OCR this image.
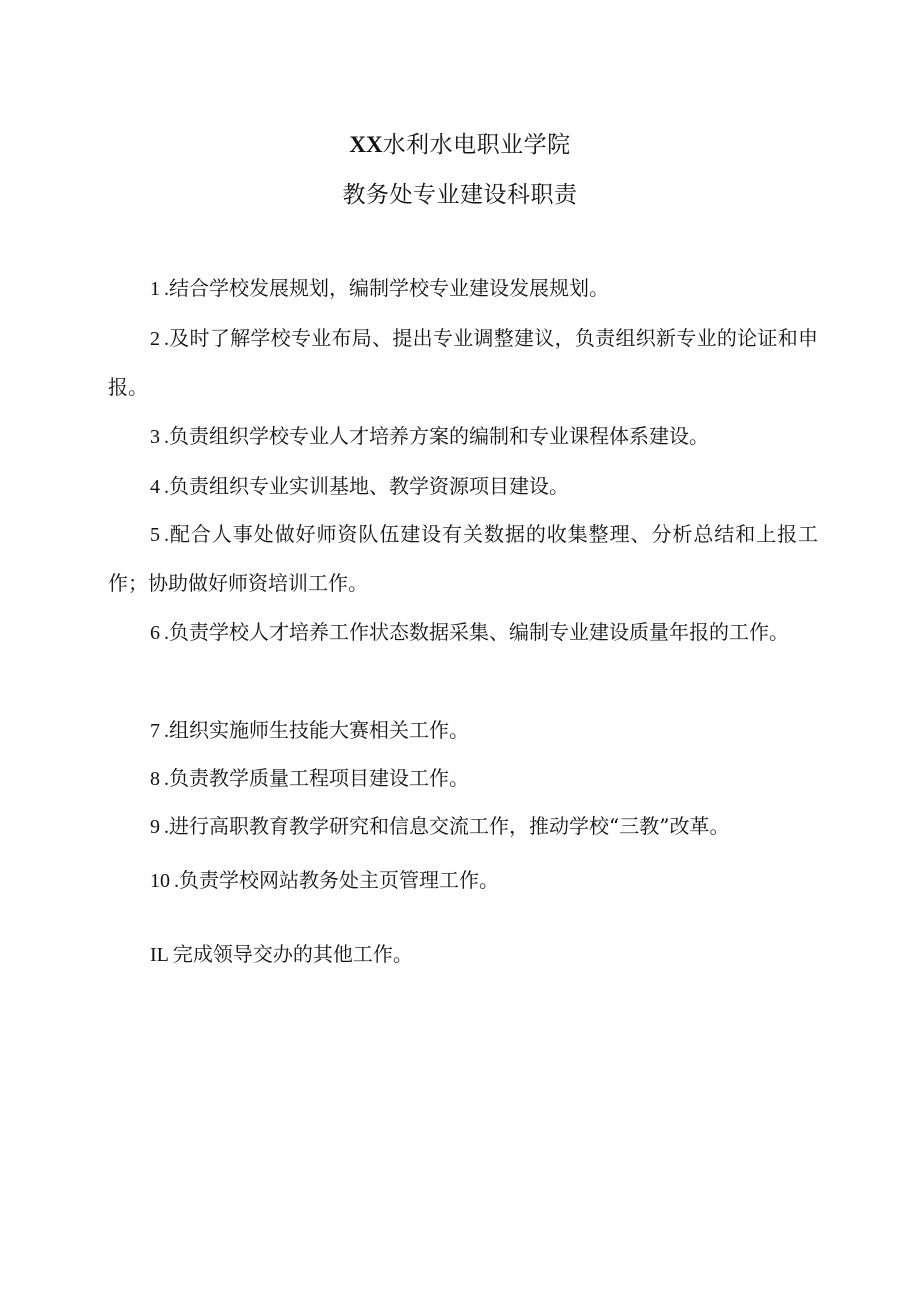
XX水利水电职业学院
教务处专业建设科职责
1 .结合学校发展规划，编制学校专业建设发展规划。
2 .及时了解学校专业布局、提出专业调整建议，负责组织新专业的论证和申报。
3 .负责组织学校专业人才培养方案的编制和专业课程体系建设。
4 .负责组织专业实训基地、教学资源项目建设。
5 .配合人事处做好师资队伍建设有关数据的收集整理、分析总结和上报工作；协助做好师资培训工作。
6 .负责学校人才培养工作状态数据采集、编制专业建设质量年报的工作。
7 .组织实施师生技能大赛相关工作。
8 .负责教学质量工程项目建设工作。
9 .进行高职教育教学研究和信息交流工作，推动学校“三教”改革。
10 .负责学校网站教务处主页管理工作。
IL 完成领导交办的其他工作。
